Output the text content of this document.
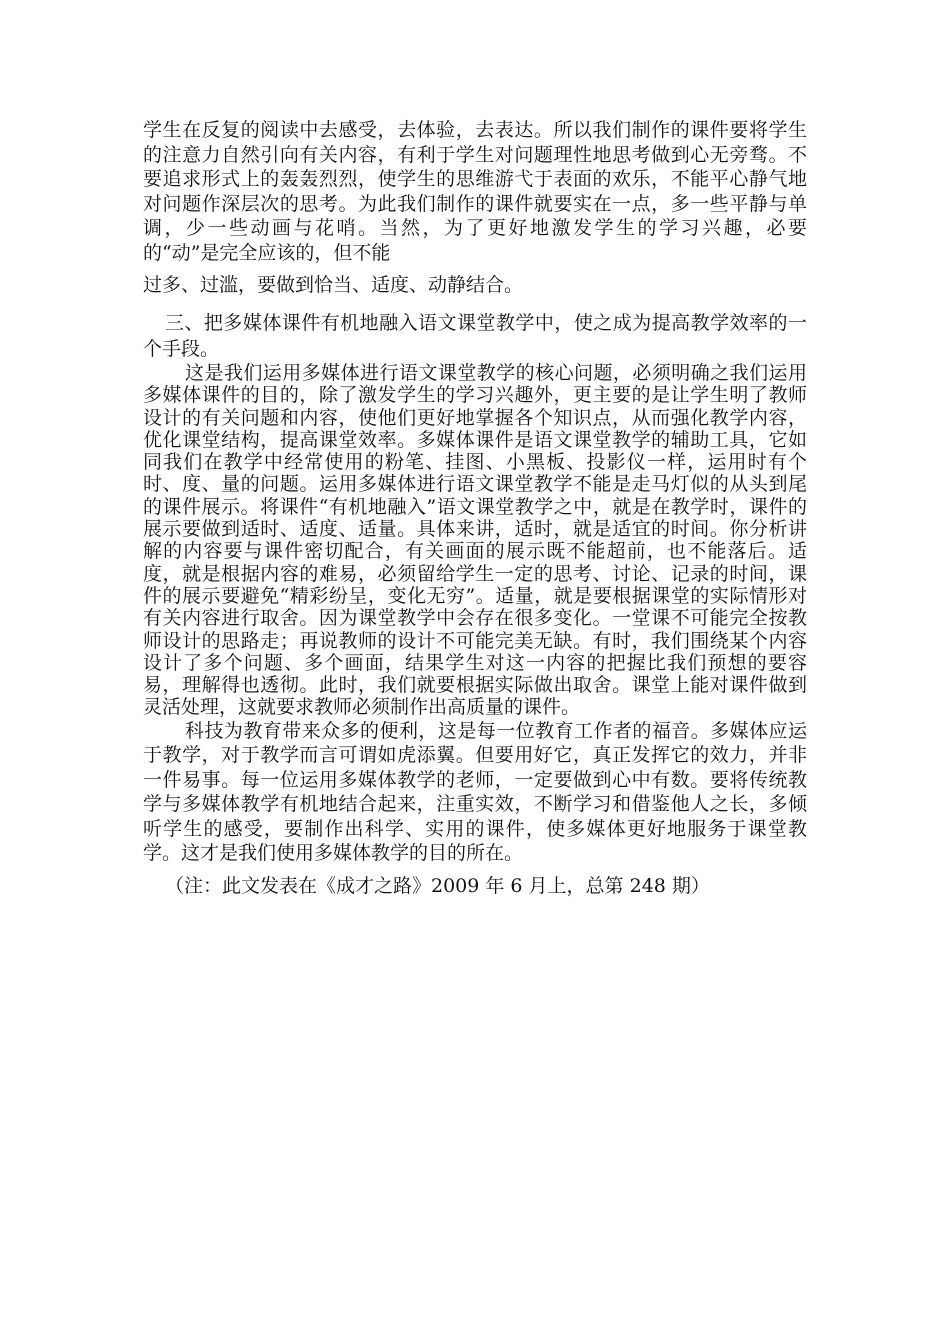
学生在反复的阅读中去感受，去体验，去表达。所以我们制作的课件要将学生的注意力自然引向有关内容，有利于学生对问题理性地思考做到心无旁骛。不要追求形式上的轰轰烈烈，使学生的思维游弋于表面的欢乐，不能平心静气地对问题作深层次的思考。为此我们制作的课件就要实在一点，多一些平静与单调，少一些动画与花哨。当然，为了更好地激发学生的学习兴趣，必要的“动”是完全应该的，但不能

过多、过滥，要做到恰当、适度、动静结合。

三、把多媒体课件有机地融入语文课堂教学中，使之成为提高教学效率的一个手段。

这是我们运用多媒体进行语文课堂教学的核心问题，必须明确之我们运用多媒体课件的目的，除了激发学生的学习兴趣外，更主要的是让学生明了教师设计的有关问题和内容，使他们更好地掌握各个知识点，从而强化教学内容，优化课堂结构，提高课堂效率。多媒体课件是语文课堂教学的辅助工具，它如同我们在教学中经常使用的粉笔、挂图、小黑板、投影仪一样，运用时有个时、度、量的问题。运用多媒体进行语文课堂教学不能是走马灯似的从头到尾的课件展示。将课件“有机地融入”语文课堂教学之中，就是在教学时，课件的展示要做到适时、适度、适量。具体来讲，适时，就是适宜的时间。你分析讲解的内容要与课件密切配合，有关画面的展示既不能超前，也不能落后。适度，就是根据内容的难易，必须留给学生一定的思考、讨论、记录的时间，课件的展示要避免“精彩纷呈，变化无穷”。适量，就是要根据课堂的实际情形对有关内容进行取舍。因为课堂教学中会存在很多变化。一堂课不可能完全按教师设计的思路走；再说教师的设计不可能完美无缺。有时，我们围绕某个内容设计了多个问题、多个画面，结果学生对这一内容的把握比我们预想的要容易，理解得也透彻。此时，我们就要根据实际做出取舍。课堂上能对课件做到灵活处理，这就要求教师必须制作出高质量的课件。

科技为教育带来众多的便利，这是每一位教育工作者的福音。多媒体应运于教学，对于教学而言可谓如虎添翼。但要用好它，真正发挥它的效力，并非一件易事。每一位运用多媒体教学的老师，一定要做到心中有数。要将传统教学与多媒体教学有机地结合起来，注重实效，不断学习和借鉴他人之长，多倾听学生的感受，要制作出科学、实用的课件，使多媒体更好地服务于课堂教学。这才是我们使用多媒体教学的目的所在。

（注：此文发表在《成才之路》2009 年 6 月上，总第 248 期）
